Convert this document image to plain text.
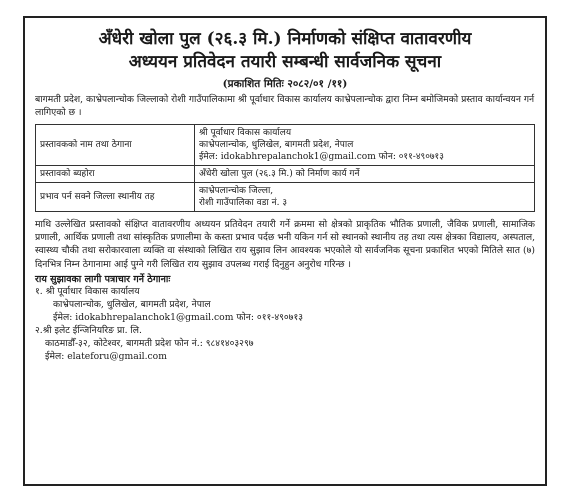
अँधेरी खोला पुल (२६.३ मि.) निर्माणको संक्षिप्त वातावरणीय
अध्ययन प्रतिवेदन तयारी सम्बन्धी सार्वजनिक सूचना
(प्रकाशित मितिः २०८२/०१ /११)
बागमती प्रदेश, काभ्रेपलान्चोक जिल्लाको रोशी गाउँपालिकामा श्री पूर्वाधार विकास कार्यालय काभ्रेपलान्चोक द्वारा निम्न बमोजिमको प्रस्ताव कार्यान्वयन गर्न लागिएको छ ।
प्रस्तावकको नाम तथा ठेगाना	श्री पूर्वाधार विकास कार्यालय
काभ्रेपलान्चोक, धुलिखेल, बागमती प्रदेश, नेपाल
ईमेल: idokabhrepalanchok1@gmail.com फोन: ०११-४९०७१३

प्रस्तावको ब्यहोरा	अँधेरी खोला पुल (२६.३ मि.) को निर्माण कार्य गर्ने

प्रभाव पर्न सक्ने जिल्ला स्थानीय तह	काभ्रेपलान्चोक जिल्ला,
रोशी गाउँपालिका वडा नं. ३
माथि उल्लेखित प्रस्तावको संक्षिप्त वातावरणीय अध्ययन प्रतिवेदन तयारी गर्ने क्रममा सो क्षेत्रको प्राकृतिक भौतिक प्रणाली, जैविक प्रणाली, सामाजिक प्रणाली, आर्थिक प्रणाली तथा सांस्कृतिक प्रणालीमा के कस्ता प्रभाव पर्दछ भनी यकिन गर्न सो स्थानको स्थानीय तह तथा त्यस क्षेत्रका विद्यालय, अस्पताल, स्वास्थ्य चौकी तथा सरोकारवाला व्यक्ति वा संस्थाको लिखित राय सुझाव लिन आवश्यक भएकोले यो सार्वजनिक सूचना प्रकाशित भएको मितिले सात (७) दिनभित्र निम्न ठेगानामा आई पुग्ने गरी लिखित राय सुझाव उपलब्ध गराई दिनुहुन अनुरोध गरिन्छ ।
राय सुझावका लागी पत्राचार गर्ने ठेगानाः
१. श्री पूर्वाधार विकास कार्यालय
काभ्रेपलान्चोक, धुलिखेल, बागमती प्रदेश, नेपाल
ईमेल: idokabhrepalanchok1@gmail.com फोन: ०११-४९०७१३
२.श्री इलेट ईन्जिनियरिङ प्रा. लि.
काठमाडौँ-३२, कोटेश्वर, बागमती प्रदेश फोन नं.: ९८४१४०३२९७
ईमेल: elateforu@gmail.com
